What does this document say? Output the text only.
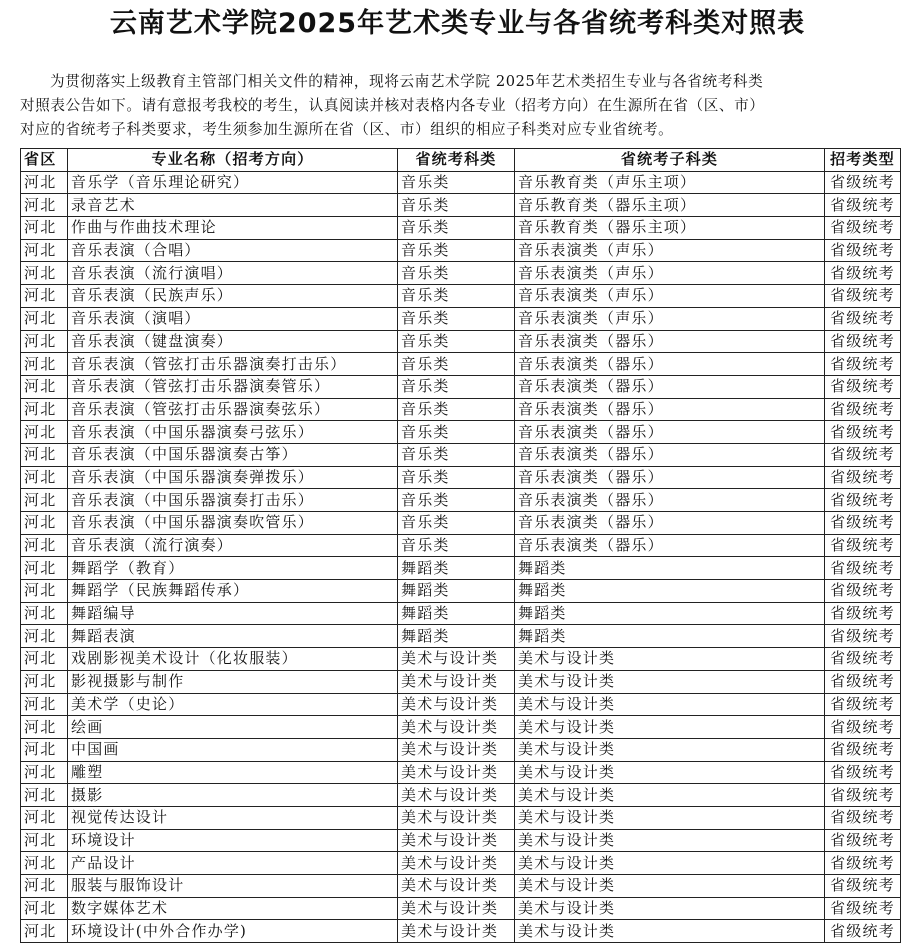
云南艺术学院2025年艺术类专业与各省统考科类对照表

为贯彻落实上级教育主管部门相关文件的精神，现将云南艺术学院 2025年艺术类招生专业与各省统考科类

对照表公告如下。请有意报考我校的考生，认真阅读并核对表格内各专业（招考方向）在生源所在省（区、市）

对应的省统考子科类要求，考生须参加生源所在省（区、市）组织的相应子科类对应专业省统考。

省区	专业名称（招考方向）	省统考科类	省统考子科类	招考类型
河北	音乐学（音乐理论研究）	音乐类	音乐教育类（声乐主项）	省级统考
河北	录音艺术	音乐类	音乐教育类（器乐主项）	省级统考
河北	作曲与作曲技术理论	音乐类	音乐教育类（器乐主项）	省级统考
河北	音乐表演（合唱）	音乐类	音乐表演类（声乐）	省级统考
河北	音乐表演（流行演唱）	音乐类	音乐表演类（声乐）	省级统考
河北	音乐表演（民族声乐）	音乐类	音乐表演类（声乐）	省级统考
河北	音乐表演（演唱）	音乐类	音乐表演类（声乐）	省级统考
河北	音乐表演（键盘演奏）	音乐类	音乐表演类（器乐）	省级统考
河北	音乐表演（管弦打击乐器演奏打击乐）	音乐类	音乐表演类（器乐）	省级统考
河北	音乐表演（管弦打击乐器演奏管乐）	音乐类	音乐表演类（器乐）	省级统考
河北	音乐表演（管弦打击乐器演奏弦乐）	音乐类	音乐表演类（器乐）	省级统考
河北	音乐表演（中国乐器演奏弓弦乐）	音乐类	音乐表演类（器乐）	省级统考
河北	音乐表演（中国乐器演奏古筝）	音乐类	音乐表演类（器乐）	省级统考
河北	音乐表演（中国乐器演奏弹拨乐）	音乐类	音乐表演类（器乐）	省级统考
河北	音乐表演（中国乐器演奏打击乐）	音乐类	音乐表演类（器乐）	省级统考
河北	音乐表演（中国乐器演奏吹管乐）	音乐类	音乐表演类（器乐）	省级统考
河北	音乐表演（流行演奏）	音乐类	音乐表演类（器乐）	省级统考
河北	舞蹈学（教育）	舞蹈类	舞蹈类	省级统考
河北	舞蹈学（民族舞蹈传承）	舞蹈类	舞蹈类	省级统考
河北	舞蹈编导	舞蹈类	舞蹈类	省级统考
河北	舞蹈表演	舞蹈类	舞蹈类	省级统考
河北	戏剧影视美术设计（化妆服装）	美术与设计类	美术与设计类	省级统考
河北	影视摄影与制作	美术与设计类	美术与设计类	省级统考
河北	美术学（史论）	美术与设计类	美术与设计类	省级统考
河北	绘画	美术与设计类	美术与设计类	省级统考
河北	中国画	美术与设计类	美术与设计类	省级统考
河北	雕塑	美术与设计类	美术与设计类	省级统考
河北	摄影	美术与设计类	美术与设计类	省级统考
河北	视觉传达设计	美术与设计类	美术与设计类	省级统考
河北	环境设计	美术与设计类	美术与设计类	省级统考
河北	产品设计	美术与设计类	美术与设计类	省级统考
河北	服装与服饰设计	美术与设计类	美术与设计类	省级统考
河北	数字媒体艺术	美术与设计类	美术与设计类	省级统考
河北	环境设计(中外合作办学)	美术与设计类	美术与设计类	省级统考
